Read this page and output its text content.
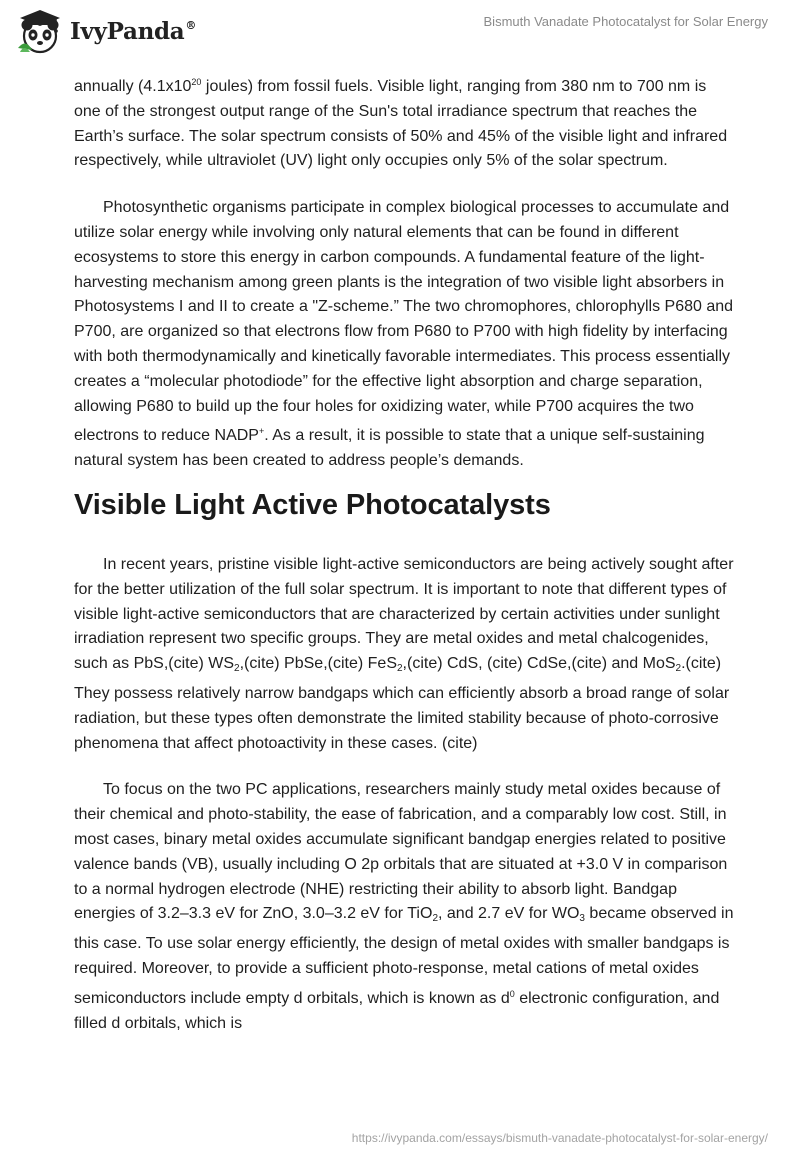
IvyPanda®	Bismuth Vanadate Photocatalyst for Solar Energy

annually ($4.1x10^{20}$ joules) from fossil fuels. Visible light, ranging from 380 nm to 700 nm is one of the strongest output range of the Sun's total irradiance spectrum that reaches the Earth’s surface. The solar spectrum consists of 50% and 45% of the visible light and infrared respectively, while ultraviolet (UV) light only occupies only 5% of the solar spectrum.

Photosynthetic organisms participate in complex biological processes to accumulate and utilize solar energy while involving only natural elements that can be found in different ecosystems to store this energy in carbon compounds. A fundamental feature of the light-harvesting mechanism among green plants is the integration of two visible light absorbers in Photosystems I and II to create a "Z-scheme.” The two chromophores, chlorophylls P680 and P700, are organized so that electrons flow from P680 to P700 with high fidelity by interfacing with both thermodynamically and kinetically favorable intermediates. This process essentially creates a “molecular photodiode” for the effective light absorption and charge separation, allowing P680 to build up the four holes for oxidizing water, while P700 acquires the two electrons to reduce NADP+. As a result, it is possible to state that a unique self-sustaining natural system has been created to address people’s demands.

Visible Light Active Photocatalysts

In recent years, pristine visible light-active semiconductors are being actively sought after for the better utilization of the full solar spectrum. It is important to note that different types of visible light-active semiconductors that are characterized by certain activities under sunlight irradiation represent two specific groups. They are metal oxides and metal chalcogenides, such as PbS,(cite) $WS_2,(cite)$ PbSe,(cite) FeS$_2$,(cite) CdS, (cite) CdSe,(cite) and MoS$_2$.(cite) They possess relatively narrow bandgaps which can efficiently absorb a broad range of solar radiation, but these types often demonstrate the limited stability because of photo-corrosive phenomena that affect photoactivity in these cases. (cite)

To focus on the two PC applications, researchers mainly study metal oxides because of their chemical and photo-stability, the ease of fabrication, and a comparably low cost. Still, in most cases, binary metal oxides accumulate significant bandgap energies related to positive valence bands (VB), usually including O 2p orbitals that are situated at +3.0 V in comparison to a normal hydrogen electrode (NHE) restricting their ability to absorb light. Bandgap energies of 3.2–3.3 eV for ZnO, 3.0–3.2 eV for TiO$_2$, and 2.7 eV for $WO_3$ became observed in this case. To use solar energy efficiently, the design of metal oxides with smaller bandgaps is required. Moreover, to provide a sufficient photo-response, metal cations of metal oxides semiconductors include empty d orbitals, which is known as $d^0$ electronic configuration, and filled d orbitals, which is

https://ivypanda.com/essays/bismuth-vanadate-photocatalyst-for-solar-energy/
